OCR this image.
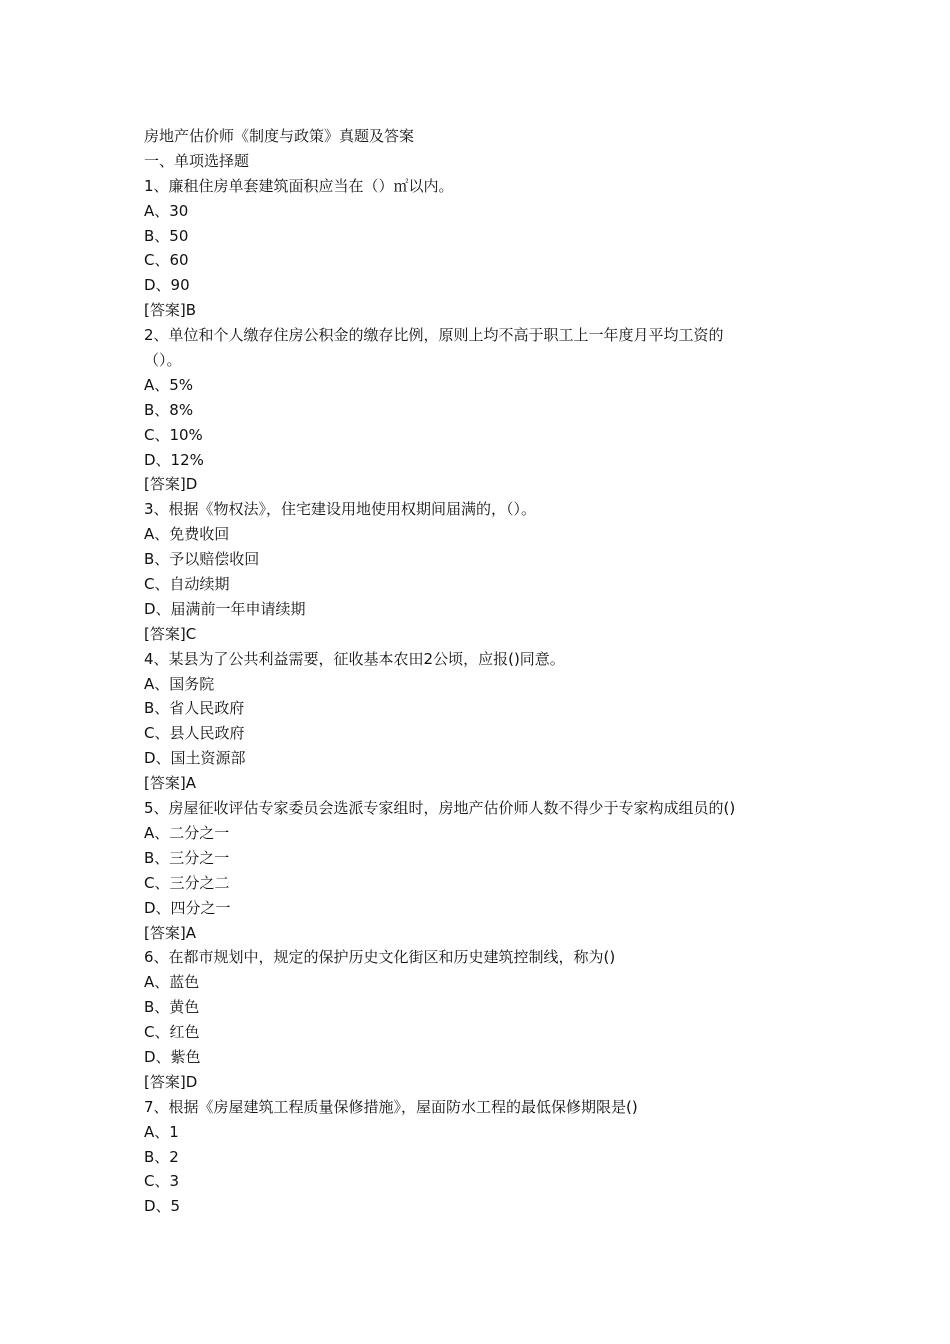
房地产估价师《制度与政策》真题及答案
一、单项选择题
1、廉租住房单套建筑面积应当在（）㎡以内。
A、30
B、50
C、60
D、90
[答案]B
2、单位和个人缴存住房公积金的缴存比例，原则上均不高于职工上一年度月平均工资的
（）。
A、5%
B、8%
C、10%
D、12%
[答案]D
3、根据《物权法》，住宅建设用地使用权期间届满的，（）。
A、免费收回
B、予以赔偿收回
C、自动续期
D、届满前一年申请续期
[答案]C
4、某县为了公共利益需要，征收基本农田2公顷，应报()同意。
A、国务院
B、省人民政府
C、县人民政府
D、国土资源部
[答案]A
5、房屋征收评估专家委员会选派专家组时，房地产估价师人数不得少于专家构成组员的()
A、二分之一
B、三分之一
C、三分之二
D、四分之一
[答案]A
6、在都市规划中，规定的保护历史文化街区和历史建筑控制线，称为()
A、蓝色
B、黄色
C、红色
D、紫色
[答案]D
7、根据《房屋建筑工程质量保修措施》，屋面防水工程的最低保修期限是()
A、1
B、2
C、3
D、5
